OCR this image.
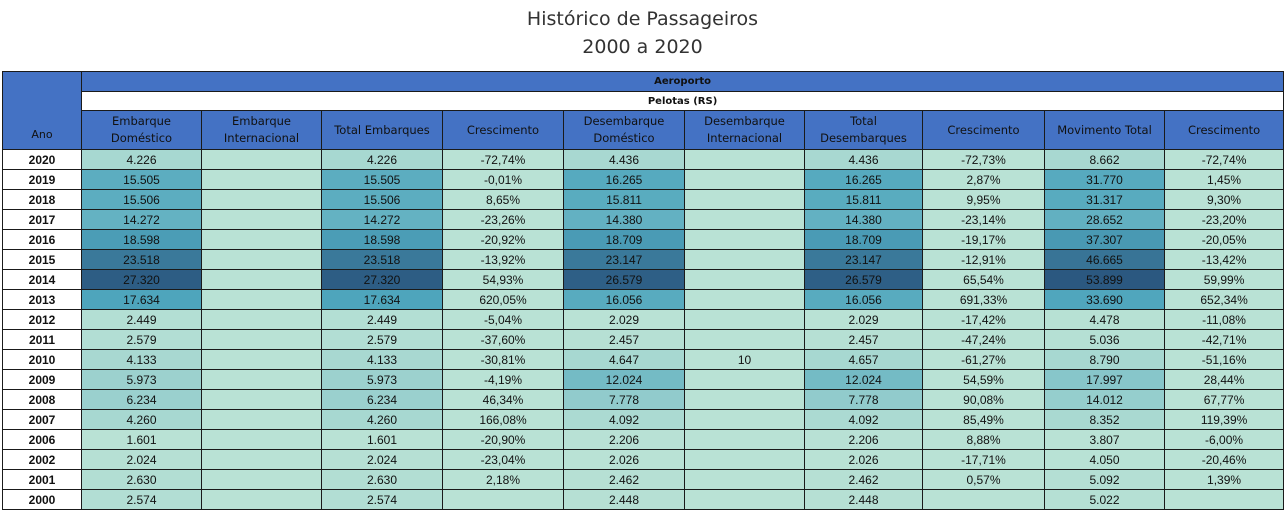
Histórico de Passageiros
2000 a 2020
Ano	Aeroporto									
	Pelotas (RS)									
	Embarque Doméstico	Embarque Internacional	Total Embarques	Crescimento	Desembarque Doméstico	Desembarque Internacional	Total Desembarques	Crescimento	Movimento Total	Crescimento
2020	4.226		4.226	-72,74%	4.436		4.436	-72,73%	8.662	-72,74%
2019	15.505		15.505	-0,01%	16.265		16.265	2,87%	31.770	1,45%
2018	15.506		15.506	8,65%	15.811		15.811	9,95%	31.317	9,30%
2017	14.272		14.272	-23,26%	14.380		14.380	-23,14%	28.652	-23,20%
2016	18.598		18.598	-20,92%	18.709		18.709	-19,17%	37.307	-20,05%
2015	23.518		23.518	-13,92%	23.147		23.147	-12,91%	46.665	-13,42%
2014	27.320		27.320	54,93%	26.579		26.579	65,54%	53.899	59,99%
2013	17.634		17.634	620,05%	16.056		16.056	691,33%	33.690	652,34%
2012	2.449		2.449	-5,04%	2.029		2.029	-17,42%	4.478	-11,08%
2011	2.579		2.579	-37,60%	2.457		2.457	-47,24%	5.036	-42,71%
2010	4.133		4.133	-30,81%	4.647	10	4.657	-61,27%	8.790	-51,16%
2009	5.973		5.973	-4,19%	12.024		12.024	54,59%	17.997	28,44%
2008	6.234		6.234	46,34%	7.778		7.778	90,08%	14.012	67,77%
2007	4.260		4.260	166,08%	4.092		4.092	85,49%	8.352	119,39%
2006	1.601		1.601	-20,90%	2.206		2.206	8,88%	3.807	-6,00%
2002	2.024		2.024	-23,04%	2.026		2.026	-17,71%	4.050	-20,46%
2001	2.630		2.630	2,18%	2.462		2.462	0,57%	5.092	1,39%
2000	2.574		2.574		2.448		2.448		5.022	
